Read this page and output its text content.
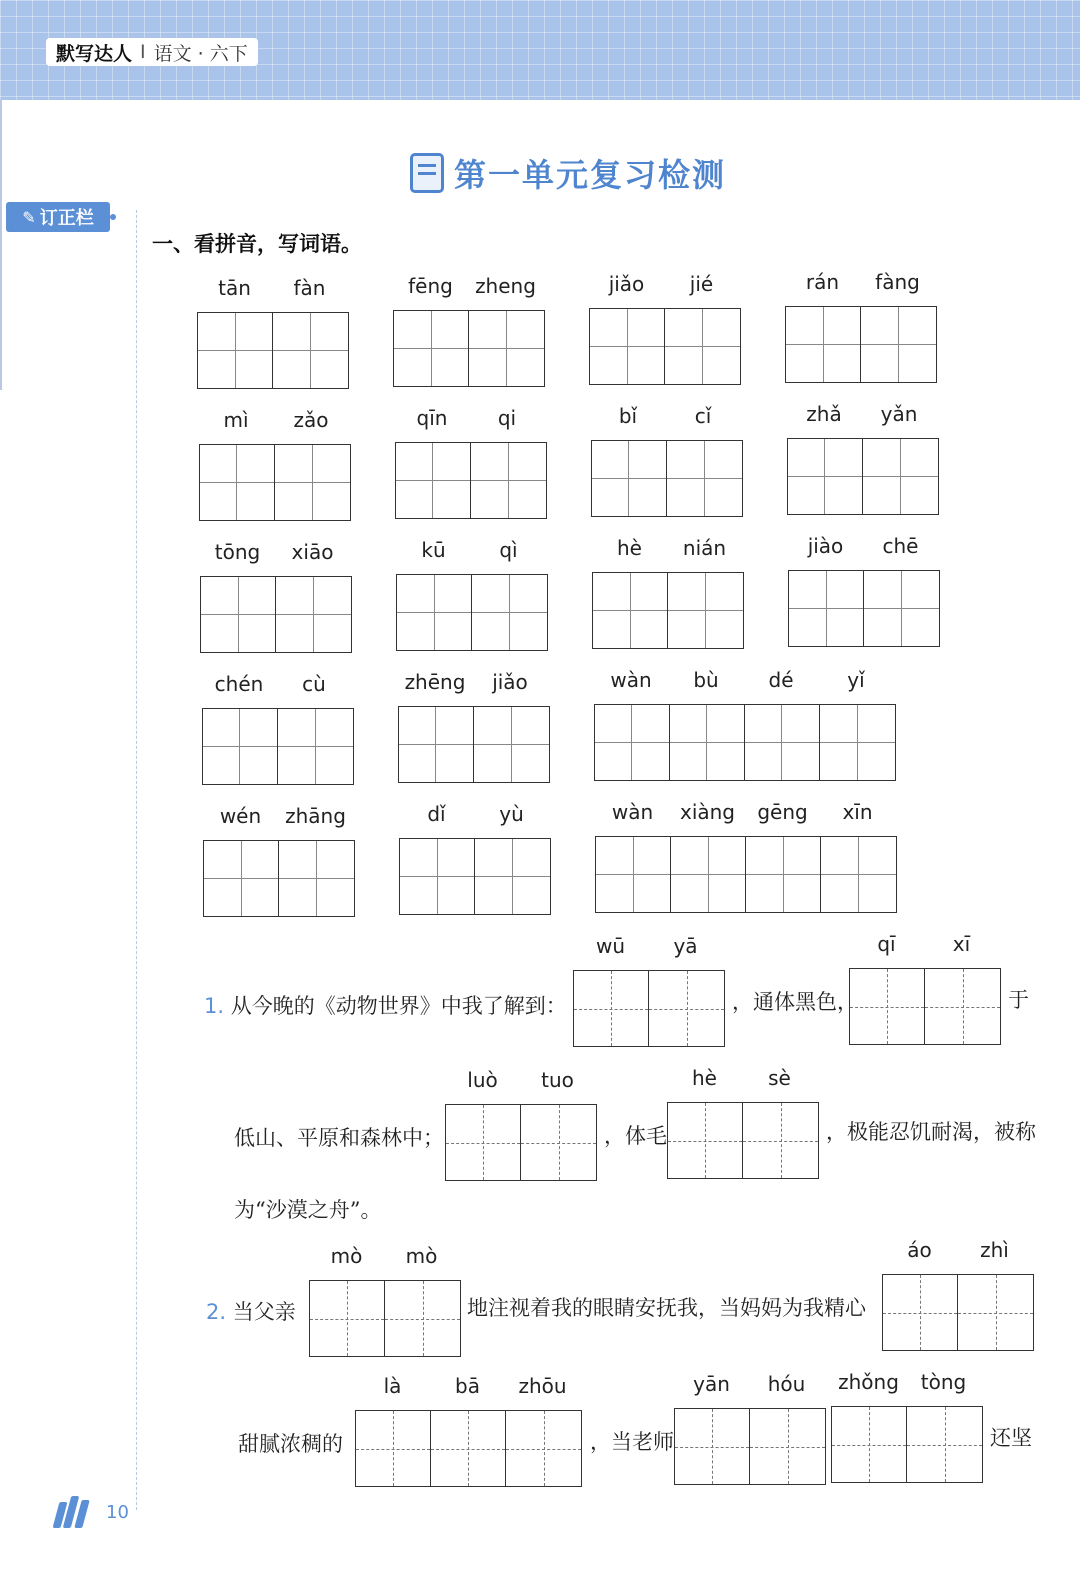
默写达人 I 语文 · 六下
✎ 订正栏
第一单元复习检测
一、看拼音，写词语。
tān	fàn	fēng	zheng	jiǎo	jié	rán	fàng
mì	zǎo	qīn	qi	bǐ	cǐ	zhǎ	yǎn
tōng	xiāo	kū	qì	hè	nián	jiào	chē
chén	cù	zhēng	jiǎo	wàn	bù	dé	yǐ
wén	zhāng	dǐ	yù	wàn	xiàng	gēng	xīn
1. 从今晚的《动物世界》中我了解到：
wū	yā
，通体黑色，
qī	xī
于
低山、平原和森林中；
luò	tuo
，体毛
hè	sè
，极能忍饥耐渴，被称
为“沙漠之舟”。
2. 当父亲
mò	mò
地注视着我的眼睛安抚我，当妈妈为我精心
áo	zhì
甜腻浓稠的
là	bā	zhōu
，当老师
yān	hóu	zhǒng	tòng
还坚
10
